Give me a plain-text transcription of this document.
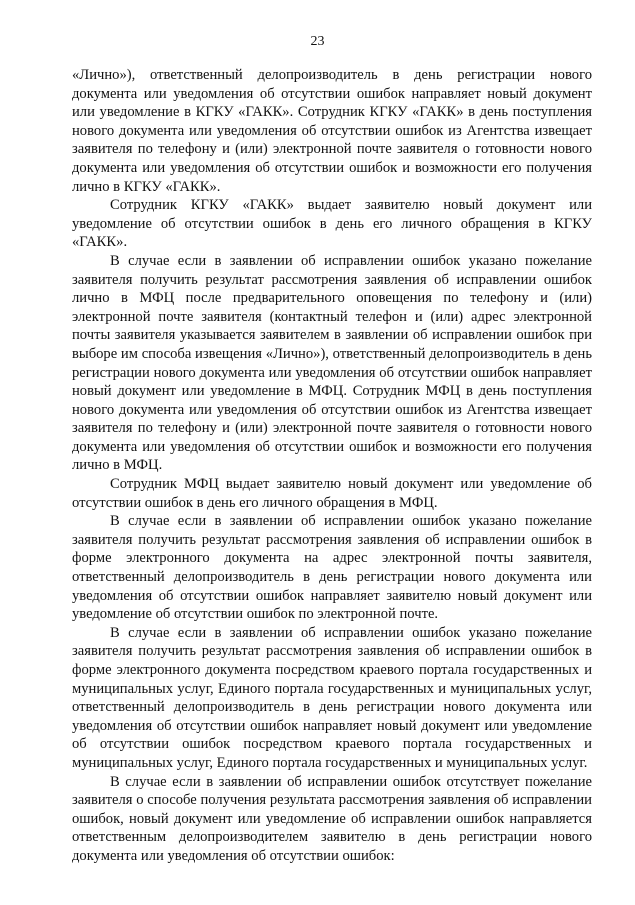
23

«Лично»), ответственный делопроизводитель в день регистрации нового документа или уведомления об отсутствии ошибок направляет новый документ или уведомление в КГКУ «ГАКК». Сотрудник КГКУ «ГАКК» в день поступления нового документа или уведомления об отсутствии ошибок из Агентства извещает заявителя по телефону и (или) электронной почте заявителя о готовности нового документа или уведомления об отсутствии ошибок и возможности его получения лично в КГКУ «ГАКК».

Сотрудник КГКУ «ГАКК» выдает заявителю новый документ или уведомление об отсутствии ошибок в день его личного обращения в КГКУ «ГАКК».

В случае если в заявлении об исправлении ошибок указано пожелание заявителя получить результат рассмотрения заявления об исправлении ошибок лично в МФЦ после предварительного оповещения по телефону и (или) электронной почте заявителя (контактный телефон и (или) адрес электронной почты заявителя указывается заявителем в заявлении об исправлении ошибок при выборе им способа извещения «Лично»), ответственный делопроизводитель в день регистрации нового документа или уведомления об отсутствии ошибок направляет новый документ или уведомление в МФЦ. Сотрудник МФЦ в день поступления нового документа или уведомления об отсутствии ошибок из Агентства извещает заявителя по телефону и (или) электронной почте заявителя о готовности нового документа или уведомления об отсутствии ошибок и возможности его получения лично в МФЦ.

Сотрудник МФЦ выдает заявителю новый документ или уведомление об отсутствии ошибок в день его личного обращения в МФЦ.

В случае если в заявлении об исправлении ошибок указано пожелание заявителя получить результат рассмотрения заявления об исправлении ошибок в форме электронного документа на адрес электронной почты заявителя, ответственный делопроизводитель в день регистрации нового документа или уведомления об отсутствии ошибок направляет заявителю новый документ или уведомление об отсутствии ошибок по электронной почте.

В случае если в заявлении об исправлении ошибок указано пожелание заявителя получить результат рассмотрения заявления об исправлении ошибок в форме электронного документа посредством краевого портала государственных и муниципальных услуг, Единого портала государственных и муниципальных услуг, ответственный делопроизводитель в день регистрации нового документа или уведомления об отсутствии ошибок направляет новый документ или уведомление об отсутствии ошибок посредством краевого портала государственных и муниципальных услуг, Единого портала государственных и муниципальных услуг.

В случае если в заявлении об исправлении ошибок отсутствует пожелание заявителя о способе получения результата рассмотрения заявления об исправлении ошибок, новый документ или уведомление об исправлении ошибок направляется ответственным делопроизводителем заявителю в день регистрации нового документа или уведомления об отсутствии ошибок:
